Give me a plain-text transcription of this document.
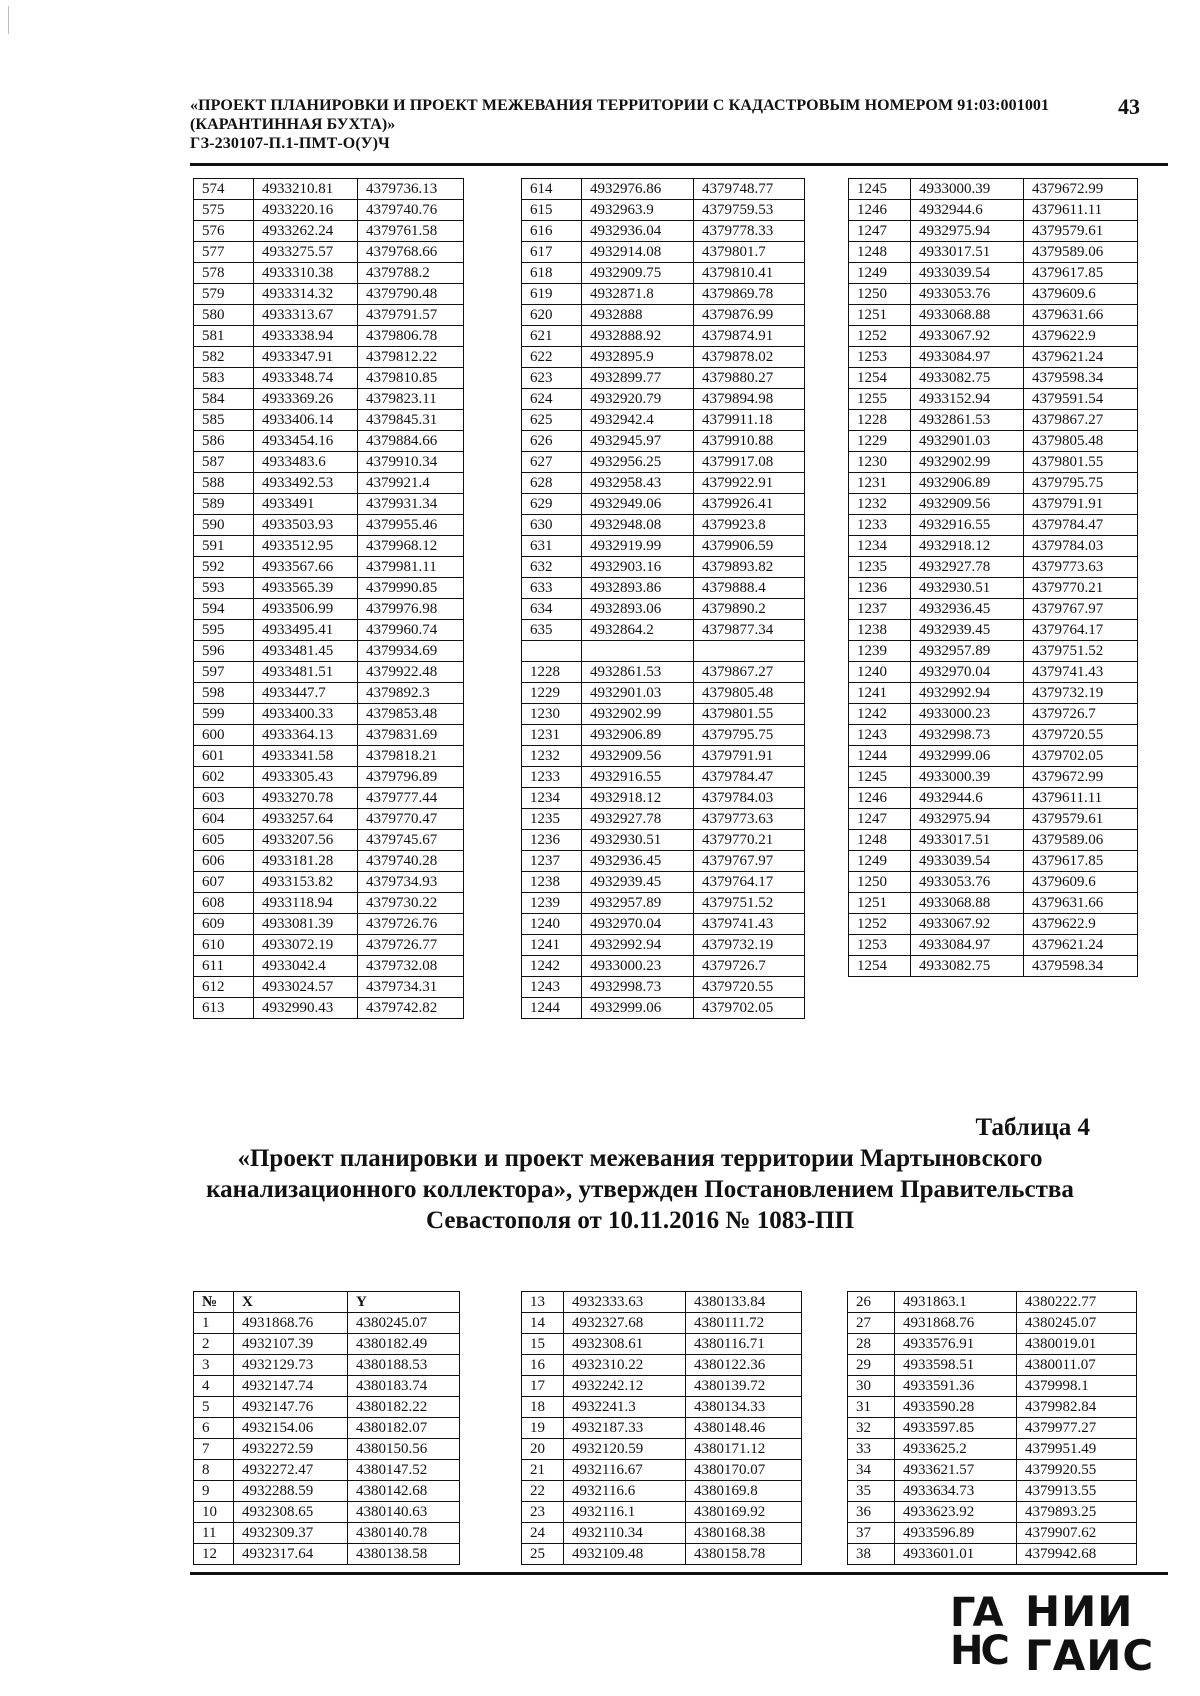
«ПРОЕКТ ПЛАНИРОВКИ И ПРОЕКТ МЕЖЕВАНИЯ ТЕРРИТОРИИ С КАДАСТРОВЫМ НОМЕРОМ 91:03:001001
(КАРАНТИННАЯ БУХТА)»
ГЗ-230107-П.1-ПМТ-О(У)Ч
43
574	4933210.81	4379736.13
575	4933220.16	4379740.76
576	4933262.24	4379761.58
577	4933275.57	4379768.66
578	4933310.38	4379788.2
579	4933314.32	4379790.48
580	4933313.67	4379791.57
581	4933338.94	4379806.78
582	4933347.91	4379812.22
583	4933348.74	4379810.85
584	4933369.26	4379823.11
585	4933406.14	4379845.31
586	4933454.16	4379884.66
587	4933483.6	4379910.34
588	4933492.53	4379921.4
589	4933491	4379931.34
590	4933503.93	4379955.46
591	4933512.95	4379968.12
592	4933567.66	4379981.11
593	4933565.39	4379990.85
594	4933506.99	4379976.98
595	4933495.41	4379960.74
596	4933481.45	4379934.69
597	4933481.51	4379922.48
598	4933447.7	4379892.3
599	4933400.33	4379853.48
600	4933364.13	4379831.69
601	4933341.58	4379818.21
602	4933305.43	4379796.89
603	4933270.78	4379777.44
604	4933257.64	4379770.47
605	4933207.56	4379745.67
606	4933181.28	4379740.28
607	4933153.82	4379734.93
608	4933118.94	4379730.22
609	4933081.39	4379726.76
610	4933072.19	4379726.77
611	4933042.4	4379732.08
612	4933024.57	4379734.31
613	4932990.43	4379742.82
614	4932976.86	4379748.77
615	4932963.9	4379759.53
616	4932936.04	4379778.33
617	4932914.08	4379801.7
618	4932909.75	4379810.41
619	4932871.8	4379869.78
620	4932888	4379876.99
621	4932888.92	4379874.91
622	4932895.9	4379878.02
623	4932899.77	4379880.27
624	4932920.79	4379894.98
625	4932942.4	4379911.18
626	4932945.97	4379910.88
627	4932956.25	4379917.08
628	4932958.43	4379922.91
629	4932949.06	4379926.41
630	4932948.08	4379923.8
631	4932919.99	4379906.59
632	4932903.16	4379893.82
633	4932893.86	4379888.4
634	4932893.06	4379890.2
635	4932864.2	4379877.34

1228	4932861.53	4379867.27
1229	4932901.03	4379805.48
1230	4932902.99	4379801.55
1231	4932906.89	4379795.75
1232	4932909.56	4379791.91
1233	4932916.55	4379784.47
1234	4932918.12	4379784.03
1235	4932927.78	4379773.63
1236	4932930.51	4379770.21
1237	4932936.45	4379767.97
1238	4932939.45	4379764.17
1239	4932957.89	4379751.52
1240	4932970.04	4379741.43
1241	4932992.94	4379732.19
1242	4933000.23	4379726.7
1243	4932998.73	4379720.55
1244	4932999.06	4379702.05
1245	4933000.39	4379672.99
1246	4932944.6	4379611.11
1247	4932975.94	4379579.61
1248	4933017.51	4379589.06
1249	4933039.54	4379617.85
1250	4933053.76	4379609.6
1251	4933068.88	4379631.66
1252	4933067.92	4379622.9
1253	4933084.97	4379621.24
1254	4933082.75	4379598.34
1255	4933152.94	4379591.54
1228	4932861.53	4379867.27
1229	4932901.03	4379805.48
1230	4932902.99	4379801.55
1231	4932906.89	4379795.75
1232	4932909.56	4379791.91
1233	4932916.55	4379784.47
1234	4932918.12	4379784.03
1235	4932927.78	4379773.63
1236	4932930.51	4379770.21
1237	4932936.45	4379767.97
1238	4932939.45	4379764.17
1239	4932957.89	4379751.52
1240	4932970.04	4379741.43
1241	4932992.94	4379732.19
1242	4933000.23	4379726.7
1243	4932998.73	4379720.55
1244	4932999.06	4379702.05
1245	4933000.39	4379672.99
1246	4932944.6	4379611.11
1247	4932975.94	4379579.61
1248	4933017.51	4379589.06
1249	4933039.54	4379617.85
1250	4933053.76	4379609.6
1251	4933068.88	4379631.66
1252	4933067.92	4379622.9
1253	4933084.97	4379621.24
1254	4933082.75	4379598.34
Таблица 4
«Проект планировки и проект межевания территории Мартыновского
канализационного коллектора», утвержден Постановлением Правительства
Севастополя от 10.11.2016 № 1083-ПП
№	X	Y
1	4931868.76	4380245.07
2	4932107.39	4380182.49
3	4932129.73	4380188.53
4	4932147.74	4380183.74
5	4932147.76	4380182.22
6	4932154.06	4380182.07
7	4932272.59	4380150.56
8	4932272.47	4380147.52
9	4932288.59	4380142.68
10	4932308.65	4380140.63
11	4932309.37	4380140.78
12	4932317.64	4380138.58
13	4932333.63	4380133.84
14	4932327.68	4380111.72
15	4932308.61	4380116.71
16	4932310.22	4380122.36
17	4932242.12	4380139.72
18	4932241.3	4380134.33
19	4932187.33	4380148.46
20	4932120.59	4380171.12
21	4932116.67	4380170.07
22	4932116.6	4380169.8
23	4932116.1	4380169.92
24	4932110.34	4380168.38
25	4932109.48	4380158.78
26	4931863.1	4380222.77
27	4931868.76	4380245.07
28	4933576.91	4380019.01
29	4933598.51	4380011.07
30	4933591.36	4379998.1
31	4933590.28	4379982.84
32	4933597.85	4379977.27
33	4933625.2	4379951.49
34	4933621.57	4379920.55
35	4933634.73	4379913.55
36	4933623.92	4379893.25
37	4933596.89	4379907.62
38	4933601.01	4379942.68
ГА
НС
НИИ
ГАИС
